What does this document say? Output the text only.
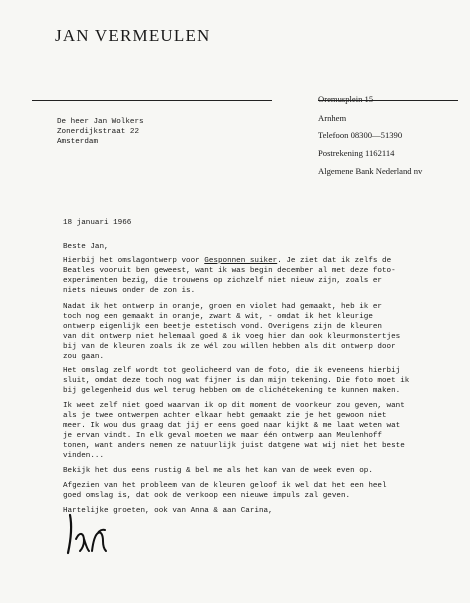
JAN VERMEULEN
Oremusplein 15
Arnhem
Telefoon 08300—51390
Postrekening 1162114
Algemene Bank Nederland nv
De heer Jan Wolkers
Zonerdijkstraat 22
Amsterdam
18 januari 1966
Beste Jan,
Hierbij het omslagontwerp voor Gesponnen suiker. Je ziet dat ik zelfs de
Beatles vooruit ben geweest, want ik was begin december al met deze foto-
experimenten bezig, die trouwens op zichzelf niet nieuw zijn, zoals er
niets nieuws onder de zon is.
Nadat ik het ontwerp in oranje, groen en violet had gemaakt, heb ik er
toch nog een gemaakt in oranje, zwart & wit, - omdat ik het kleurige
ontwerp eigenlijk een beetje estetisch vond. Overigens zijn de kleuren
van dit ontwerp niet helemaal goed & ik voeg hier dan ook kleurmonstertjes
bij van de kleuren zoals ik ze wél zou willen hebben als dit ontwerp door
zou gaan.
Het omslag zelf wordt tot geolicheerd van de foto, die ik eveneens hierbij
sluit, omdat deze toch nog wat fijner is dan mijn tekening. Die foto moet ik
bij gelegenheid dus wel terug hebben om de clichétekening te kunnen maken.
Ik weet zelf niet goed waarvan ik op dit moment de voorkeur zou geven, want
als je twee ontwerpen achter elkaar hebt gemaakt zie je het gewoon niet
meer. Ik wou dus graag dat jij er eens goed naar kijkt & me laat weten wat
je ervan vindt. In elk geval moeten we maar één ontwerp aan Meulenhoff
tonen, want anders nemen ze natuurlijk juist datgene wat wij niet het beste
vinden...
Bekijk het dus eens rustig & bel me als het kan van de week even op.
Afgezien van het probleem van de kleuren geloof ik wel dat het een heel
goed omslag is, dat ook de verkoop een nieuwe impuls zal geven.
Hartelijke groeten, ook van Anna & aan Carina,
